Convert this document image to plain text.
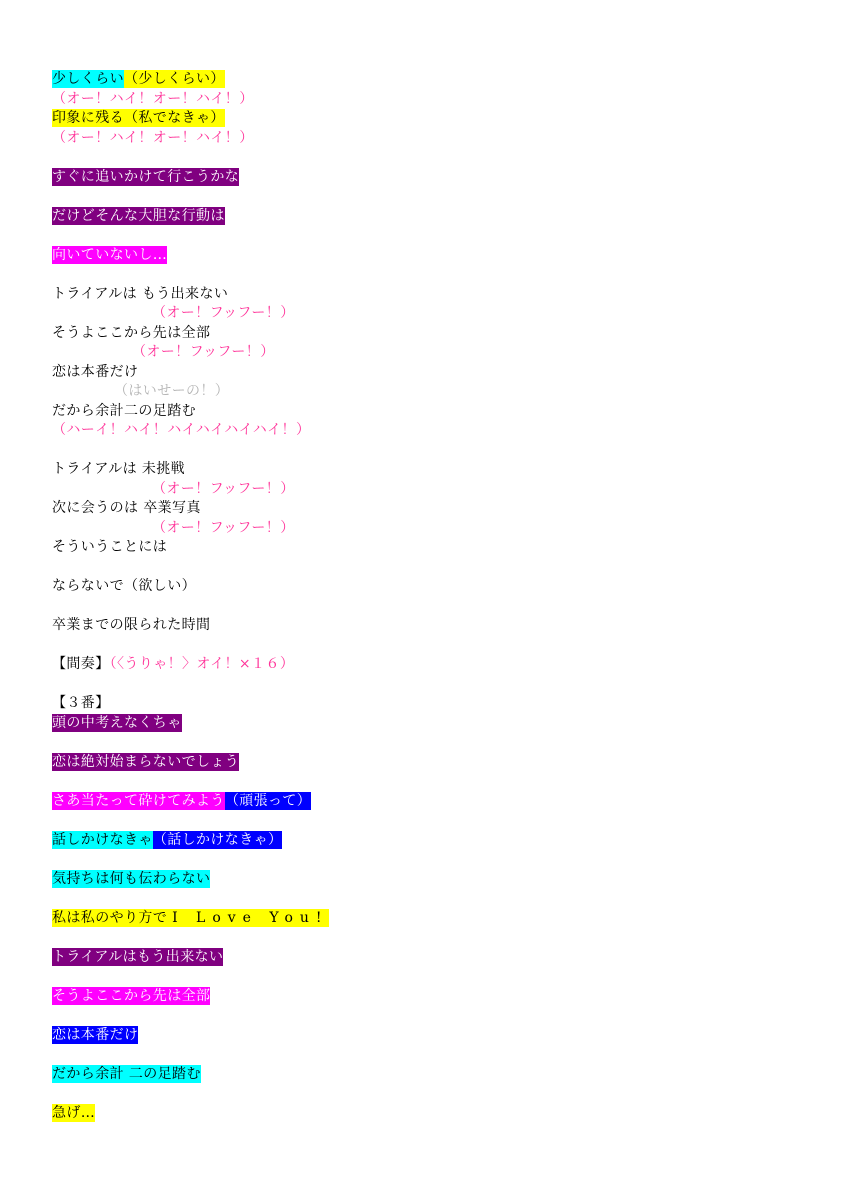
少しくらい（少しくらい）
（オー！ハイ！オー！ハイ！）
印象に残る（私でなきゃ）
（オー！ハイ！オー！ハイ！）
すぐに追いかけて行こうかな
だけどそんな大胆な行動は
向いていないし…
トライアルは もう出来ない
（オー！フッフー！）
そうよここから先は全部
（オー！フッフー！）
恋は本番だけ
（はいせーの！）
だから余計二の足踏む
（ハーイ！ハイ！ハイハイハイハイ！）
トライアルは 未挑戦
（オー！フッフー！）
次に会うのは 卒業写真
（オー！フッフー！）
そういうことには
ならないで（欲しい）
卒業までの限られた時間
【間奏】（〈うりゃ！〉オイ！×１６）
【３番】
頭の中考えなくちゃ
恋は絶対始まらないでしょう
さあ当たって砕けてみよう（頑張って）
話しかけなきゃ（話しかけなきゃ）
気持ちは何も伝わらない
私は私のやり方で I Love You!
トライアルはもう出来ない
そうよここから先は全部
恋は本番だけ
だから余計 二の足踏む
急げ…
